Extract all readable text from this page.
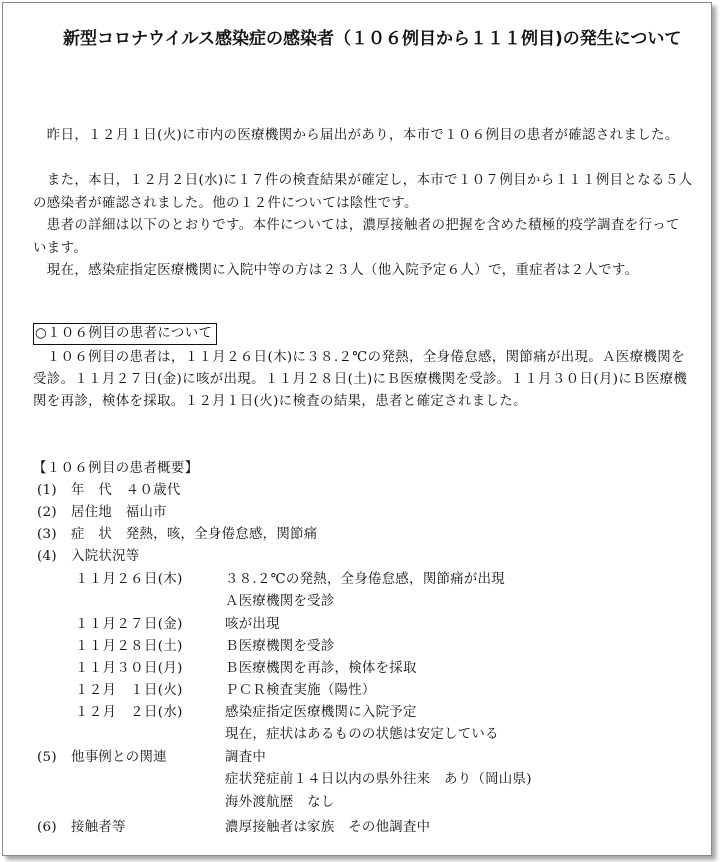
新型コロナウイルス感染症の感染者（１０６例目から１１１例目)の発生について

　昨日，１２月１日(火)に市内の医療機関から届出があり，本市で１０６例目の患者が確認されました。

　また，本日，１２月２日(水)に１７件の検査結果が確定し，本市で１０７例目から１１１例目となる５人の感染者が確認されました。他の１２件については陰性です。

　患者の詳細は以下のとおりです。本件については，濃厚接触者の把握を含めた積極的疫学調査を行っています。

　現在，感染症指定医療機関に入院中等の方は２３人（他入院予定６人）で，重症者は２人です。

○１０６例目の患者について

　１０６例目の患者は，１１月２６日(木)に３８.２℃の発熱，全身倦怠感，関節痛が出現。Ａ医療機関を受診。１１月２７日(金)に咳が出現。１１月２８日(土)にＢ医療機関を受診。１１月３０日(月)にＢ医療機関を再診，検体を採取。１２月１日(火)に検査の結果，患者と確定されました。

【１０６例目の患者概要】
(1) 年　代　４０歳代
(2) 居住地　福山市
(3) 症　状　発熱，咳，全身倦怠感，関節痛
(4) 入院状況等
１１月２６日(木)	３８.２℃の発熱，全身倦怠感，関節痛が出現
Ａ医療機関を受診
１１月２７日(金)	咳が出現
１１月２８日(土)	Ｂ医療機関を受診
１１月３０日(月)	Ｂ医療機関を再診，検体を採取
１２月　１日(火)	ＰＣＲ検査実施（陽性）
１２月　２日(水)	感染症指定医療機関に入院予定
現在，症状はあるものの状態は安定している
(5) 他事例との関連	調査中
症状発症前１４日以内の県外往来　あり（岡山県)
海外渡航歴　なし
(6) 接触者等	濃厚接触者は家族　その他調査中
